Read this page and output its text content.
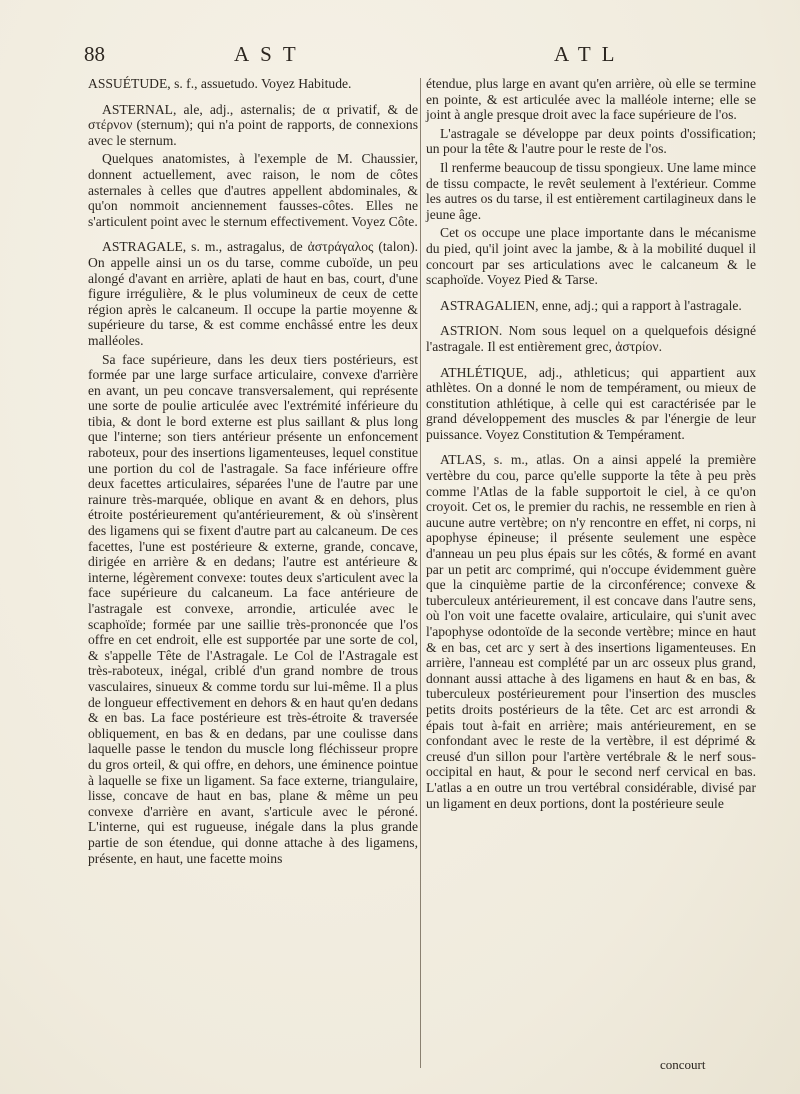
88	AST	ATL

ASSUÉTUDE, s. f., assuetudo. Voyez Habitude.

ASTERNAL, ale, adj., asternalis; de α privatif, & de στέρνον (sternum); qui n'a point de rapports, de connexions avec le sternum.

Quelques anatomistes, à l'exemple de M. Chaussier, donnent actuellement, avec raison, le nom de côtes asternales à celles que d'autres appellent abdominales, & qu'on nommoit anciennement fausses-côtes. Elles ne s'articulent point avec le sternum effectivement. Voyez Côte.

ASTRAGALE, s. m., astragalus, de ἀστράγαλος (talon). On appelle ainsi un os du tarse, comme cuboïde, un peu alongé d'avant en arrière, aplati de haut en bas, court, d'une figure irrégulière, & le plus volumineux de ceux de cette région après le calcaneum. Il occupe la partie moyenne & supérieure du tarse, & est comme enchâssé entre les deux malléoles.

Sa face supérieure, dans les deux tiers postérieurs, est formée par une large surface articulaire, convexe d'arrière en avant, un peu concave transversalement, qui représente une sorte de poulie articulée avec l'extrémité inférieure du tibia, & dont le bord externe est plus saillant & plus long que l'interne; son tiers antérieur présente un enfoncement raboteux, pour des insertions ligamenteuses, lequel constitue une portion du col de l'astragale. Sa face inférieure offre deux facettes articulaires, séparées l'une de l'autre par une rainure très-marquée, oblique en avant & en dehors, plus étroite postérieurement qu'antérieurement, & où s'insèrent des ligamens qui se fixent d'autre part au calcaneum. De ces facettes, l'une est postérieure & externe, grande, concave, dirigée en arrière & en dedans; l'autre est antérieure & interne, légèrement convexe: toutes deux s'articulent avec la face supérieure du calcaneum. La face antérieure de l'astragale est convexe, arrondie, articulée avec le scaphoïde; formée par une saillie très-prononcée que l'os offre en cet endroit, elle est supportée par une sorte de col, & s'appelle Tête de l'Astragale. Le Col de l'Astragale est très-raboteux, inégal, criblé d'un grand nombre de trous vasculaires, sinueux & comme tordu sur lui-même. Il a plus de longueur effectivement en dehors & en haut qu'en dedans & en bas. La face postérieure est très-étroite & traversée obliquement, en bas & en dedans, par une coulisse dans laquelle passe le tendon du muscle long fléchisseur propre du gros orteil, & qui offre, en dehors, une éminence pointue à laquelle se fixe un ligament. Sa face externe, triangulaire, lisse, concave de haut en bas, plane & même un peu convexe d'arrière en avant, s'articule avec le péroné. L'interne, qui est rugueuse, inégale dans la plus grande partie de son étendue, qui donne attache à des ligamens, présente, en haut, une facette moins

étendue, plus large en avant qu'en arrière, où elle se termine en pointe, & est articulée avec la malléole interne; elle se joint à angle presque droit avec la face supérieure de l'os.

L'astragale se développe par deux points d'ossification; un pour la tête & l'autre pour le reste de l'os.

Il renferme beaucoup de tissu spongieux. Une lame mince de tissu compacte, le revêt seulement à l'extérieur. Comme les autres os du tarse, il est entièrement cartilagineux dans le jeune âge.

Cet os occupe une place importante dans le mécanisme du pied, qu'il joint avec la jambe, & à la mobilité duquel il concourt par ses articulations avec le calcaneum & le scaphoïde. Voyez Pied & Tarse.

ASTRAGALIEN, enne, adj.; qui a rapport à l'astragale.

ASTRION. Nom sous lequel on a quelquefois désigné l'astragale. Il est entièrement grec, ἀστρίον.

ATHLÉTIQUE, adj., athleticus; qui appartient aux athlètes. On a donné le nom de tempérament, ou mieux de constitution athlétique, à celle qui est caractérisée par le grand développement des muscles & par l'énergie de leur puissance. Voyez Constitution & Tempérament.

ATLAS, s. m., atlas. On a ainsi appelé la première vertèbre du cou, parce qu'elle supporte la tête à peu près comme l'Atlas de la fable supportoit le ciel, à ce qu'on croyoit. Cet os, le premier du rachis, ne ressemble en rien à aucune autre vertèbre; on n'y rencontre en effet, ni corps, ni apophyse épineuse; il présente seulement une espèce d'anneau un peu plus épais sur les côtés, & formé en avant par un petit arc comprimé, qui n'occupe évidemment guère que la cinquième partie de la circonférence; convexe & tuberculeux antérieurement, il est concave dans l'autre sens, où l'on voit une facette ovalaire, articulaire, qui s'unit avec l'apophyse odontoïde de la seconde vertèbre; mince en haut & en bas, cet arc y sert à des insertions ligamenteuses. En arrière, l'anneau est complété par un arc osseux plus grand, donnant aussi attache à des ligamens en haut & en bas, & tuberculeux postérieurement pour l'insertion des muscles petits droits postérieurs de la tête. Cet arc est arrondi & épais tout à-fait en arrière; mais antérieurement, en se confondant avec le reste de la vertèbre, il est déprimé & creusé d'un sillon pour l'artère vertébrale & le nerf sous-occipital en haut, & pour le second nerf cervical en bas. L'atlas a en outre un trou vertébral considérable, divisé par un ligament en deux portions, dont la postérieure seule

concourt
